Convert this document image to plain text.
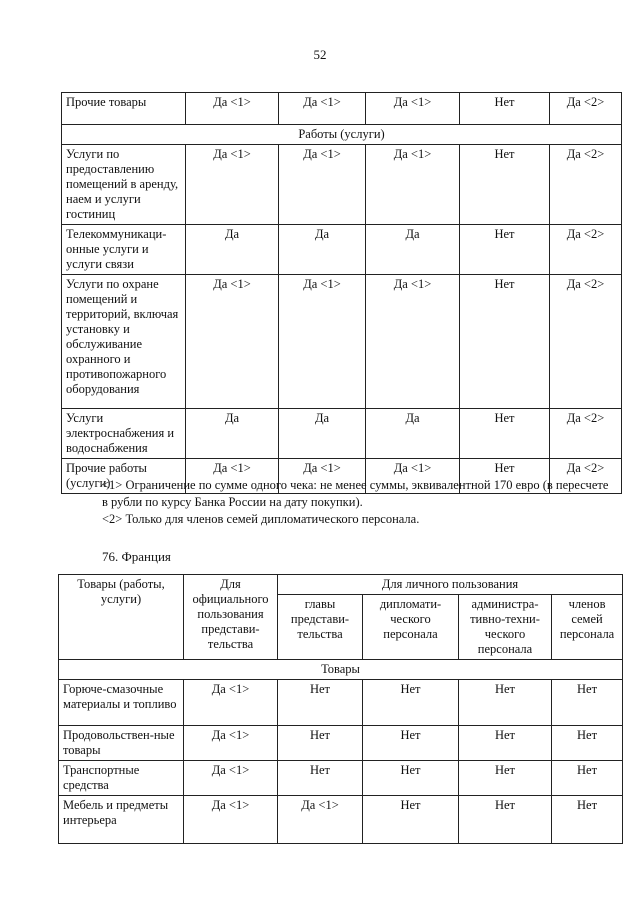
52
Прочие товары	Да <1>	Да <1>	Да <1>	Нет	Да <2>
Работы (услуги)					
Услуги по предоставлению помещений в аренду, наем и услуги гостиниц	Да <1>	Да <1>	Да <1>	Нет	Да <2>
Телекоммуникаци-онные услуги и услуги связи	Да	Да	Да	Нет	Да <2>
Услуги по охране помещений и территорий, включая установку и обслуживание охранного и противопожарного оборудования	Да <1>	Да <1>	Да <1>	Нет	Да <2>
Услуги электроснабжения и водоснабжения	Да	Да	Да	Нет	Да <2>
Прочие работы (услуги)	Да <1>	Да <1>	Да <1>	Нет	Да <2>

<1> Ограничение по сумме одного чека: не менее суммы, эквивалентной 170 евро (в пересчете в рубли по курсу Банка России на дату покупки).

<2> Только для членов семей дипломатического персонала.

76. Франция
Товары (работы, услуги)	Для официального пользования представи-тельства	Для личного пользования			
		главы представи-тельства	дипломати-ческого персонала	администра-тивно-техни-ческого персонала	членов семей персонала
Товары					
Горюче-смазочные материалы и топливо	Да <1>	Нет	Нет	Нет	Нет
Продовольствен-ные товары	Да <1>	Нет	Нет	Нет	Нет
Транспортные средства	Да <1>	Нет	Нет	Нет	Нет
Мебель и предметы интерьера	Да <1>	Да <1>	Нет	Нет	Нет
